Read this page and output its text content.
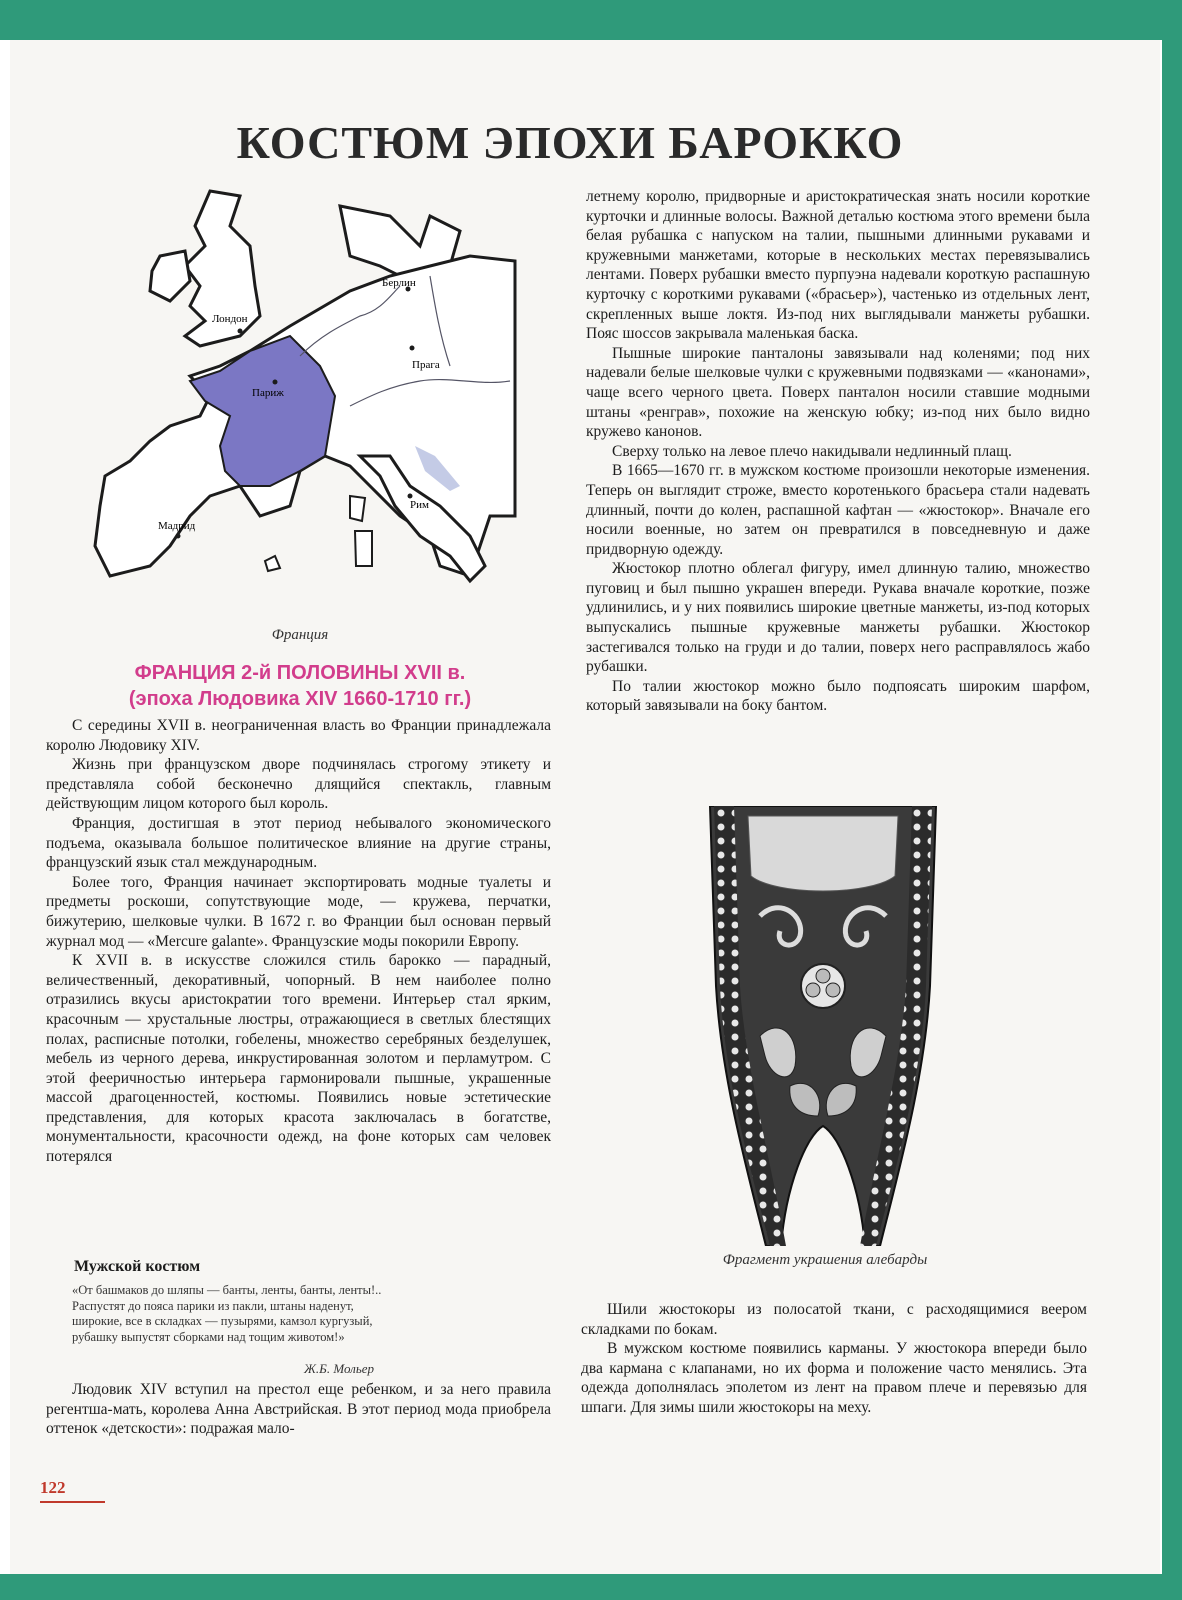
КОСТЮМ ЭПОХИ БАРОККО
Лондон
Берлин
Прага
Париж
Рим
Мадрид
Франция
ФРАНЦИЯ 2-й ПОЛОВИНЫ XVII в.
(эпоха Людовика XIV 1660-1710 гг.)

С середины XVII в. неограниченная власть во Франции принадлежала королю Людовику XIV.

Жизнь при французском дворе подчинялась строгому этикету и представляла собой бесконечно длящийся спектакль, главным действующим лицом которого был король.

Франция, достигшая в этот период небывалого экономического подъема, оказывала большое политическое влияние на другие страны, французский язык стал международным.

Более того, Франция начинает экспортировать модные туалеты и предметы роскоши, сопутствующие моде, — кружева, перчатки, бижутерию, шелковые чулки. В 1672 г. во Франции был основан первый журнал мод — «Mercure galante». Французские моды покорили Европу.

К XVII в. в искусстве сложился стиль барокко — парадный, величественный, декоративный, чопорный. В нем наиболее полно отразились вкусы аристократии того времени. Интерьер стал ярким, красочным — хрустальные люстры, отражающиеся в светлых блестящих полах, расписные потолки, гобелены, множество серебряных безделушек, мебель из черного дерева, инкрустированная золотом и перламутром. С этой фееричностью интерьера гармонировали пышные, украшенные массой драгоценностей, костюмы. Появились новые эстетические представления, для которых красота заключалась в богатстве, монументальности, красочности одежд, на фоне которых сам человек потерялся

Мужской костюм
«От башмаков до шляпы — банты, ленты, банты, ленты!.. Распустят до пояса парики из пакли, штаны наденут, широкие, все в складках — пузырями, камзол кургузый, рубашку выпустят сборками над тощим животом!»
Ж.Б. Мольер

Людовик XIV вступил на престол еще ребенком, и за него правила регентша-мать, королева Анна Австрийская. В этот период мода приобрела оттенок «детскости»: подражая мало-

летнему королю, придворные и аристократическая знать носили короткие курточки и длинные волосы. Важной деталью костюма этого времени была белая рубашка с напуском на талии, пышными длинными рукавами и кружевными манжетами, которые в нескольких местах перевязывались лентами. Поверх рубашки вместо пурпуэна надевали короткую распашную курточку с короткими рукавами («брасьер»), частенько из отдельных лент, скрепленных выше локтя. Из-под них выглядывали манжеты рубашки. Пояс шоссов закрывала маленькая баска.

Пышные широкие панталоны завязывали над коленями; под них надевали белые шелковые чулки с кружевными подвязками — «канонами», чаще всего черного цвета. Поверх панталон носили ставшие модными штаны «ренграв», похожие на женскую юбку; из-под них было видно кружево канонов.

Сверху только на левое плечо накидывали недлинный плащ.

В 1665—1670 гг. в мужском костюме произошли некоторые изменения. Теперь он выглядит строже, вместо коротенького брасьера стали надевать длинный, почти до колен, распашной кафтан — «жюстокор». Вначале его носили военные, но затем он превратился в повседневную и даже придворную одежду.

Жюстокор плотно облегал фигуру, имел длинную талию, множество пуговиц и был пышно украшен впереди. Рукава вначале короткие, позже удлинились, и у них появились широкие цветные манжеты, из-под которых выпускались пышные кружевные манжеты рубашки. Жюстокор застегивался только на груди и до талии, поверх него расправлялось жабо рубашки.

По талии жюстокор можно было подпоясать широким шарфом, который завязывали на боку бантом.

Фрагмент украшения алебарды

Шили жюстокоры из полосатой ткани, с расходящимися веером складками по бокам.

В мужском костюме появились карманы. У жюстокора впереди было два кармана с клапанами, но их форма и положение часто менялись. Эта одежда дополнялась эполетом из лент на правом плече и перевязью для шпаги. Для зимы шили жюстокоры на меху.

122
